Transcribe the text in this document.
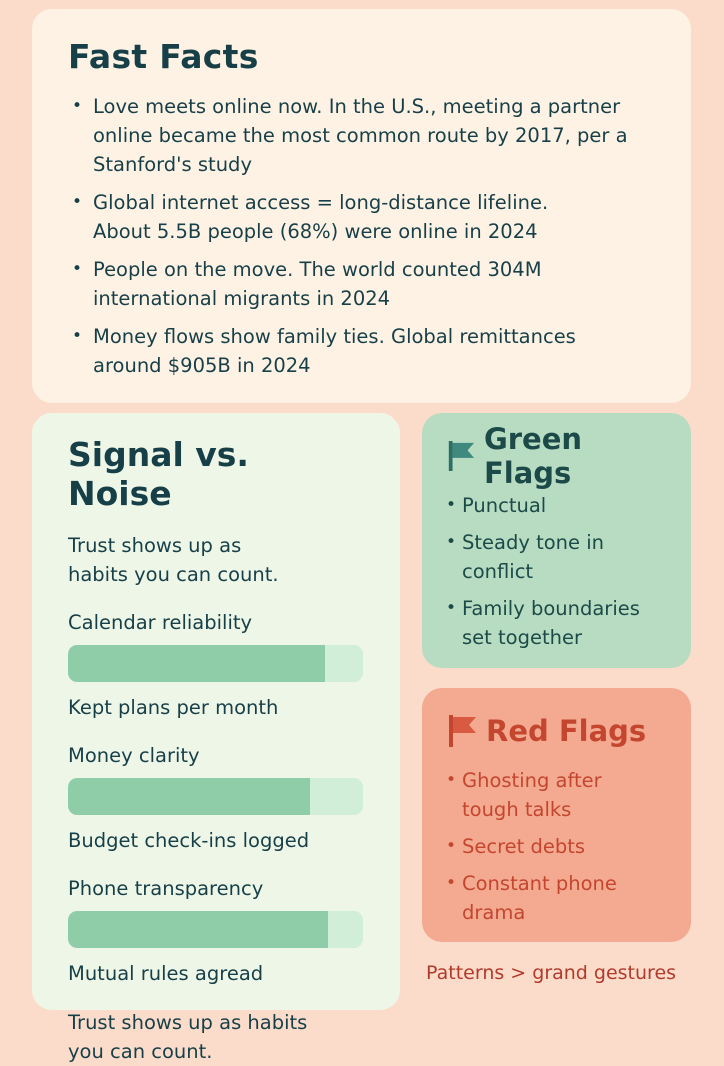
Fast Facts
• Love meets online now. In the U.S., meeting a partner
online became the most common route by 2017, per a
Stanford's study
• Global internet access = long-distance lifeline.
About 5.5B people (68%) were online in 2024
• People on the move. The world counted 304M
international migrants in 2024
• Money flows show family ties. Global remittances
around $905B in 2024
Signal vs. Noise

Trust shows up as
habits you can count.

Calendar reliability
Kept plans per month
Money clarity
Budget check-ins logged
Phone transparency
Mutual rules agread

Trust shows up as habits
you can count.

Green Flags
• Punctual
• Steady tone in
conflict
• Family boundaries
set together
Red Flags
• Ghosting after
tough talks
• Secret debts
• Constant phone
drama
Patterns > grand gestures
